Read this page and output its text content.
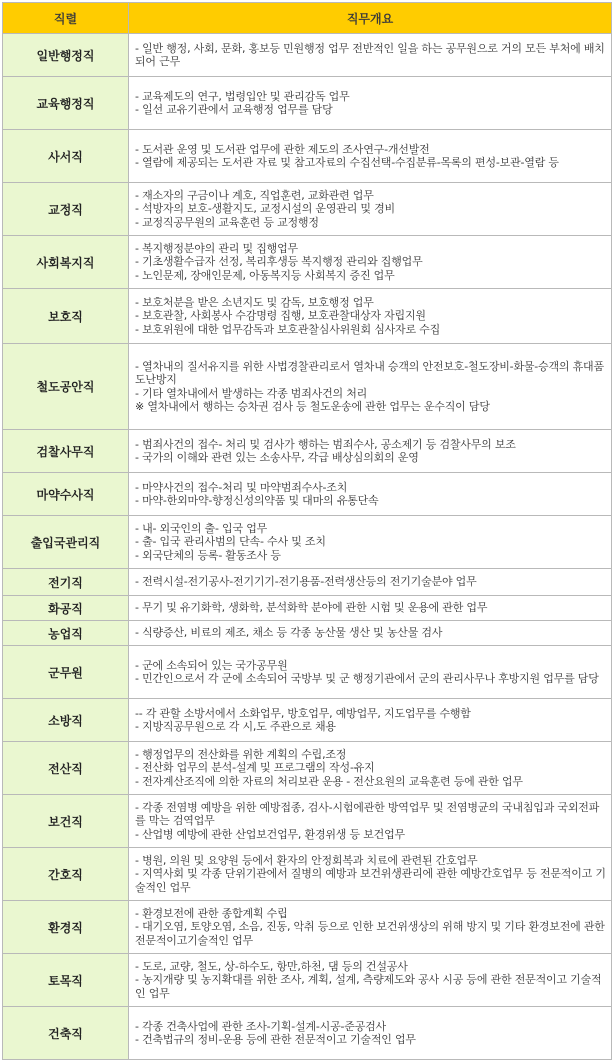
직렬	직무개요
일반행정직	- 일반 행정, 사회, 문화, 홍보등 민원행정 업무 전반적인 일을 하는 공무원으로 거의 모든 부처에 배치되어 근무

교육행정직	- 교육제도의 연구, 법령입안 및 관리감독 업무
- 일선 교유기관에서 교육행정 업무를 담당

사서직	- 도서관 운영 및 도서관 업무에 관한 제도의 조사연구-개선발전
- 열람에 제공되는 도서관 자료 및 참고자료의 수집선택-수집분류-목록의 편성-보관-열람 등

교정직	- 재소자의 구금이나 계호, 직업훈련, 교화관련 업무
- 석방자의 보호-생활지도, 교정시설의 운영관리 및 경비
- 교정직공무원의 교육훈련 등 교정행정

사회복지직	- 복지행정분야의 관리 및 집행업무
- 기초생활수급자 선정, 복리후생등 복지행정 관리와 집행업무
- 노인문제, 장애인문제, 아동복지등 사회복지 증진 업무

보호직	- 보호처분을 받은 소년지도 및 감독, 보호행정 업무
- 보호관찰, 사회봉사 수감명령 집행, 보호관찰대상자 자립지원
- 보호위원에 대한 업무감독과 보호관찰심사위원회 심사자로 수집

철도공안직	- 열차내의 질서유지를 위한 사법경찰관리로서 열차내 승객의 안전보호-철도장비-화물-승객의 휴대품 도난방지
- 기타 열차내에서 발생하는 각종 범죄사건의 처리
※ 열차내에서 행하는 승차권 검사 등 철도운송에 관한 업무는 운수직이 담당

검찰사무직	- 범죄사건의 접수- 처리 및 검사가 행하는 범죄수사, 공소제기 등 검찰사무의 보조
- 국가의 이해와 관련 있는 소송사무, 각급 배상심의회의 운영

마약수사직	- 마약사건의 접수-처리 및 마약범죄수사-조치
- 마약-한외마약-향정신성의약품 및 대마의 유통단속

출입국관리직	- 내- 외국인의 출- 입국 업무
- 출- 입국 관리사범의 단속- 수사 및 조치
- 외국단체의 등록- 활동조사 등

전기직	- 전력시설-전기공사-전기기기-전기용품-전력생산등의 전기기술분야 업무

화공직	- 무기 및 유기화학, 생화학, 분석화학 분야에 관한 시험 및 운용에 관한 업무

농업직	- 식량증산, 비료의 제조, 채소 등 각종 농산물 생산 및 농산물 검사

군무원	- 군에 소속되어 있는 국가공무원
- 민간인으로서 각 군에 소속되어 국방부 및 군 행정기관에서 군의 관리사무나 후방지원 업무를 담당

소방직	-- 각 관할 소방서에서 소화업무, 방호업무, 예방업무, 지도업무를 수행함
- 지방직공무원으로 각 시,도 주관으로 채용

전산직	- 행정업무의 전산화를 위한 계획의 수립,조정
- 전산화 업무의 분석-설계 및 프로그램의 작성-유지
- 전자계산조직에 의한 자료의 처리보관 운용 - 전산요원의 교육훈련 등에 관한 업무

보건직	- 각종 전염병 예방을 위한 예방접종, 검사-시험에관한 방역업무 및 전염병균의 국내침입과 국외전파를 막는 검역업무
- 산업병 예방에 관한 산업보건업무, 환경위생 등 보건업무

간호직	- 병원, 의원 및 요양원 등에서 환자의 안정회복과 치료에 관련된 간호업무
- 지역사회 및 각종 단위기관에서 질병의 예방과 보건위생관리에 관한 예방간호업무 등 전문적이고 기술적인 업무

환경직	- 환경보전에 관한 종합계획 수립
- 대기오염, 토양오염, 소음, 진동, 악취 등으로 인한 보건위생상의 위해 방지 및 기타 환경보전에 관한 전문적이고기술적인 업무

토목직	- 도로, 교량, 철도, 상-하수도, 항만,하천, 댐 등의 건설공사
- 농지개량 및 농지확대를 위한 조사, 계획, 설계, 측량제도와 공사 시공 등에 관한 전문적이고 기술적인 업무

건축직	- 각종 건축사업에 관한 조사-기획-설계-시공-준공검사
- 건축법규의 정비-운용 등에 관한 전문적이고 기술적인 업무
